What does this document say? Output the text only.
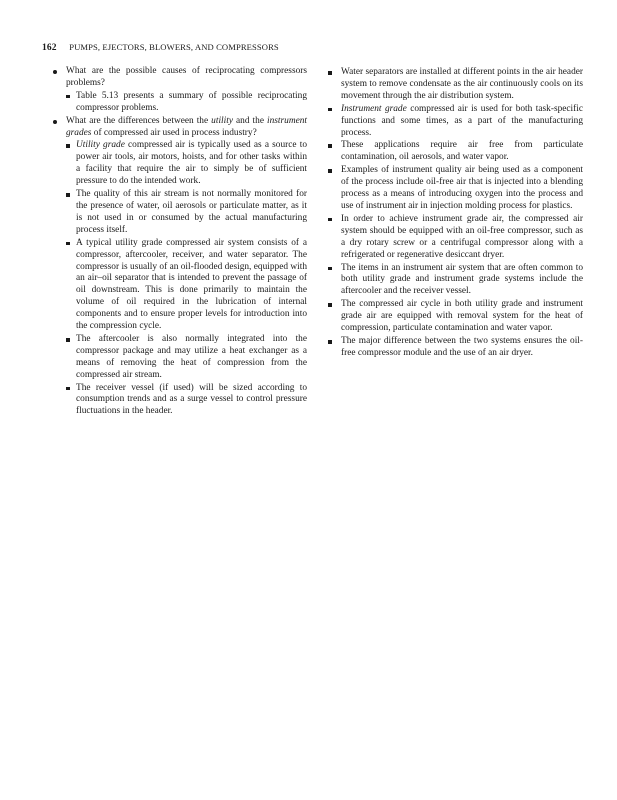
162 PUMPS, EJECTORS, BLOWERS, AND COMPRESSORS
What are the possible causes of reciprocating compressors problems?
Table 5.13 presents a summary of possible reciprocating compressor problems.
What are the differences between the utility and the instrument grades of compressed air used in process industry?
Utility grade compressed air is typically used as a source to power air tools, air motors, hoists, and for other tasks within a facility that require the air to simply be of sufficient pressure to do the intended work.
The quality of this air stream is not normally monitored for the presence of water, oil aerosols or particulate matter, as it is not used in or consumed by the actual manufacturing process itself.
A typical utility grade compressed air system consists of a compressor, aftercooler, receiver, and water separator. The compressor is usually of an oil-flooded design, equipped with an air–oil separator that is intended to prevent the passage of oil downstream. This is done primarily to maintain the volume of oil required in the lubrication of internal components and to ensure proper levels for introduction into the compression cycle.
The aftercooler is also normally integrated into the compressor package and may utilize a heat exchanger as a means of removing the heat of compression from the compressed air stream.
The receiver vessel (if used) will be sized according to consumption trends and as a surge vessel to control pressure fluctuations in the header.
Water separators are installed at different points in the air header system to remove condensate as the air continuously cools on its movement through the air distribution system.
Instrument grade compressed air is used for both task-specific functions and some times, as a part of the manufacturing process.
These applications require air free from particulate contamination, oil aerosols, and water vapor.
Examples of instrument quality air being used as a component of the process include oil-free air that is injected into a blending process as a means of introducing oxygen into the process and use of instrument air in injection molding process for plastics.
In order to achieve instrument grade air, the compressed air system should be equipped with an oil-free compressor, such as a dry rotary screw or a centrifugal compressor along with a refrigerated or regenerative desiccant dryer.
The items in an instrument air system that are often common to both utility grade and instrument grade systems include the aftercooler and the receiver vessel.
The compressed air cycle in both utility grade and instrument grade air are equipped with removal system for the heat of compression, particulate contamination and water vapor.
The major difference between the two systems ensures the oil-free compressor module and the use of an air dryer.
